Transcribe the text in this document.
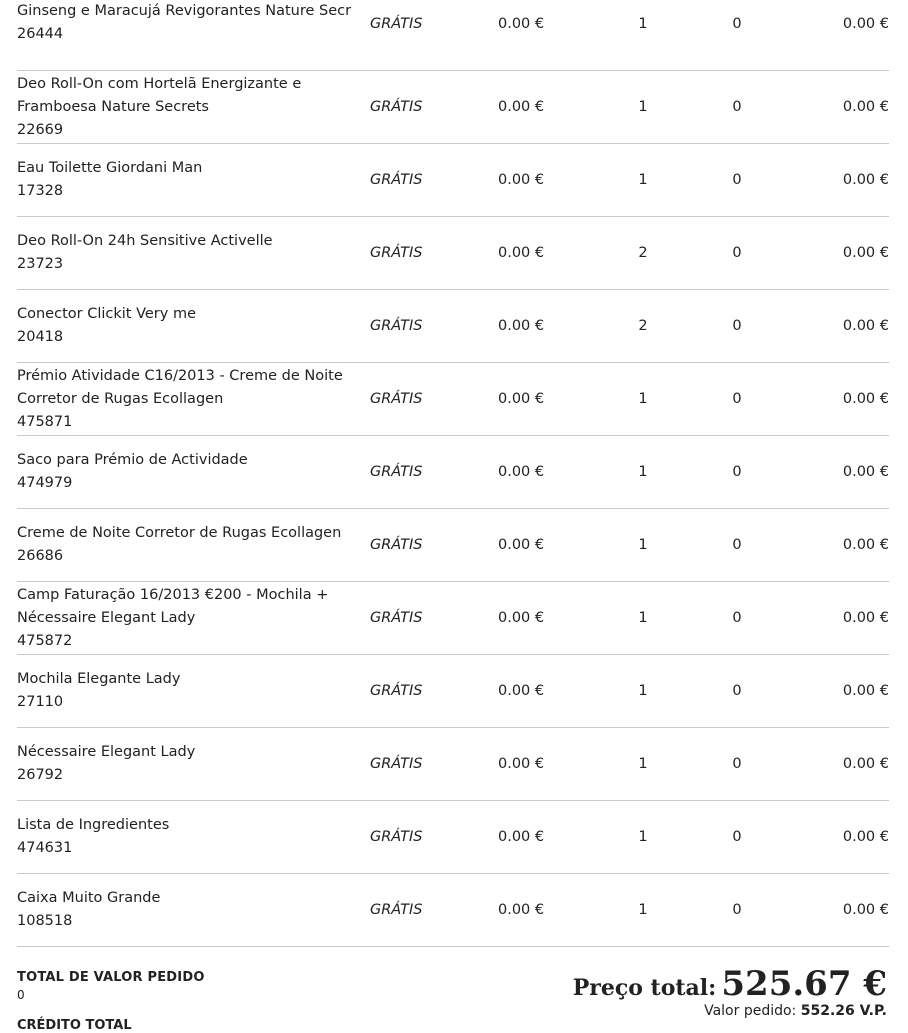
Ginseng e Maracujá Revigorantes Nature Secr
26444
GRÁTIS	0.00 €	1	0	0.00 €
Deo Roll-On com Hortelã Energizante e Framboesa Nature Secrets
22669
GRÁTIS	0.00 €	1	0	0.00 €
Eau Toilette Giordani Man
17328
GRÁTIS	0.00 €	1	0	0.00 €
Deo Roll-On 24h Sensitive Activelle
23723
GRÁTIS	0.00 €	2	0	0.00 €
Conector Clickit Very me
20418
GRÁTIS	0.00 €	2	0	0.00 €
Prémio Atividade C16/2013 - Creme de Noite Corretor de Rugas Ecollagen
475871
GRÁTIS	0.00 €	1	0	0.00 €
Saco para Prémio de Actividade
474979
GRÁTIS	0.00 €	1	0	0.00 €
Creme de Noite Corretor de Rugas Ecollagen
26686
GRÁTIS	0.00 €	1	0	0.00 €
Camp Faturação 16/2013 €200 - Mochila + Nécessaire Elegant Lady
475872
GRÁTIS	0.00 €	1	0	0.00 €
Mochila Elegante Lady
27110
GRÁTIS	0.00 €	1	0	0.00 €
Nécessaire Elegant Lady
26792
GRÁTIS	0.00 €	1	0	0.00 €
Lista de Ingredientes
474631
GRÁTIS	0.00 €	1	0	0.00 €
Caixa Muito Grande
108518
GRÁTIS	0.00 €	1	0	0.00 €
TOTAL DE VALOR PEDIDO
0
CRÉDITO TOTAL
Preço total: 525.67 €
Valor pedido: 552.26 V.P.
